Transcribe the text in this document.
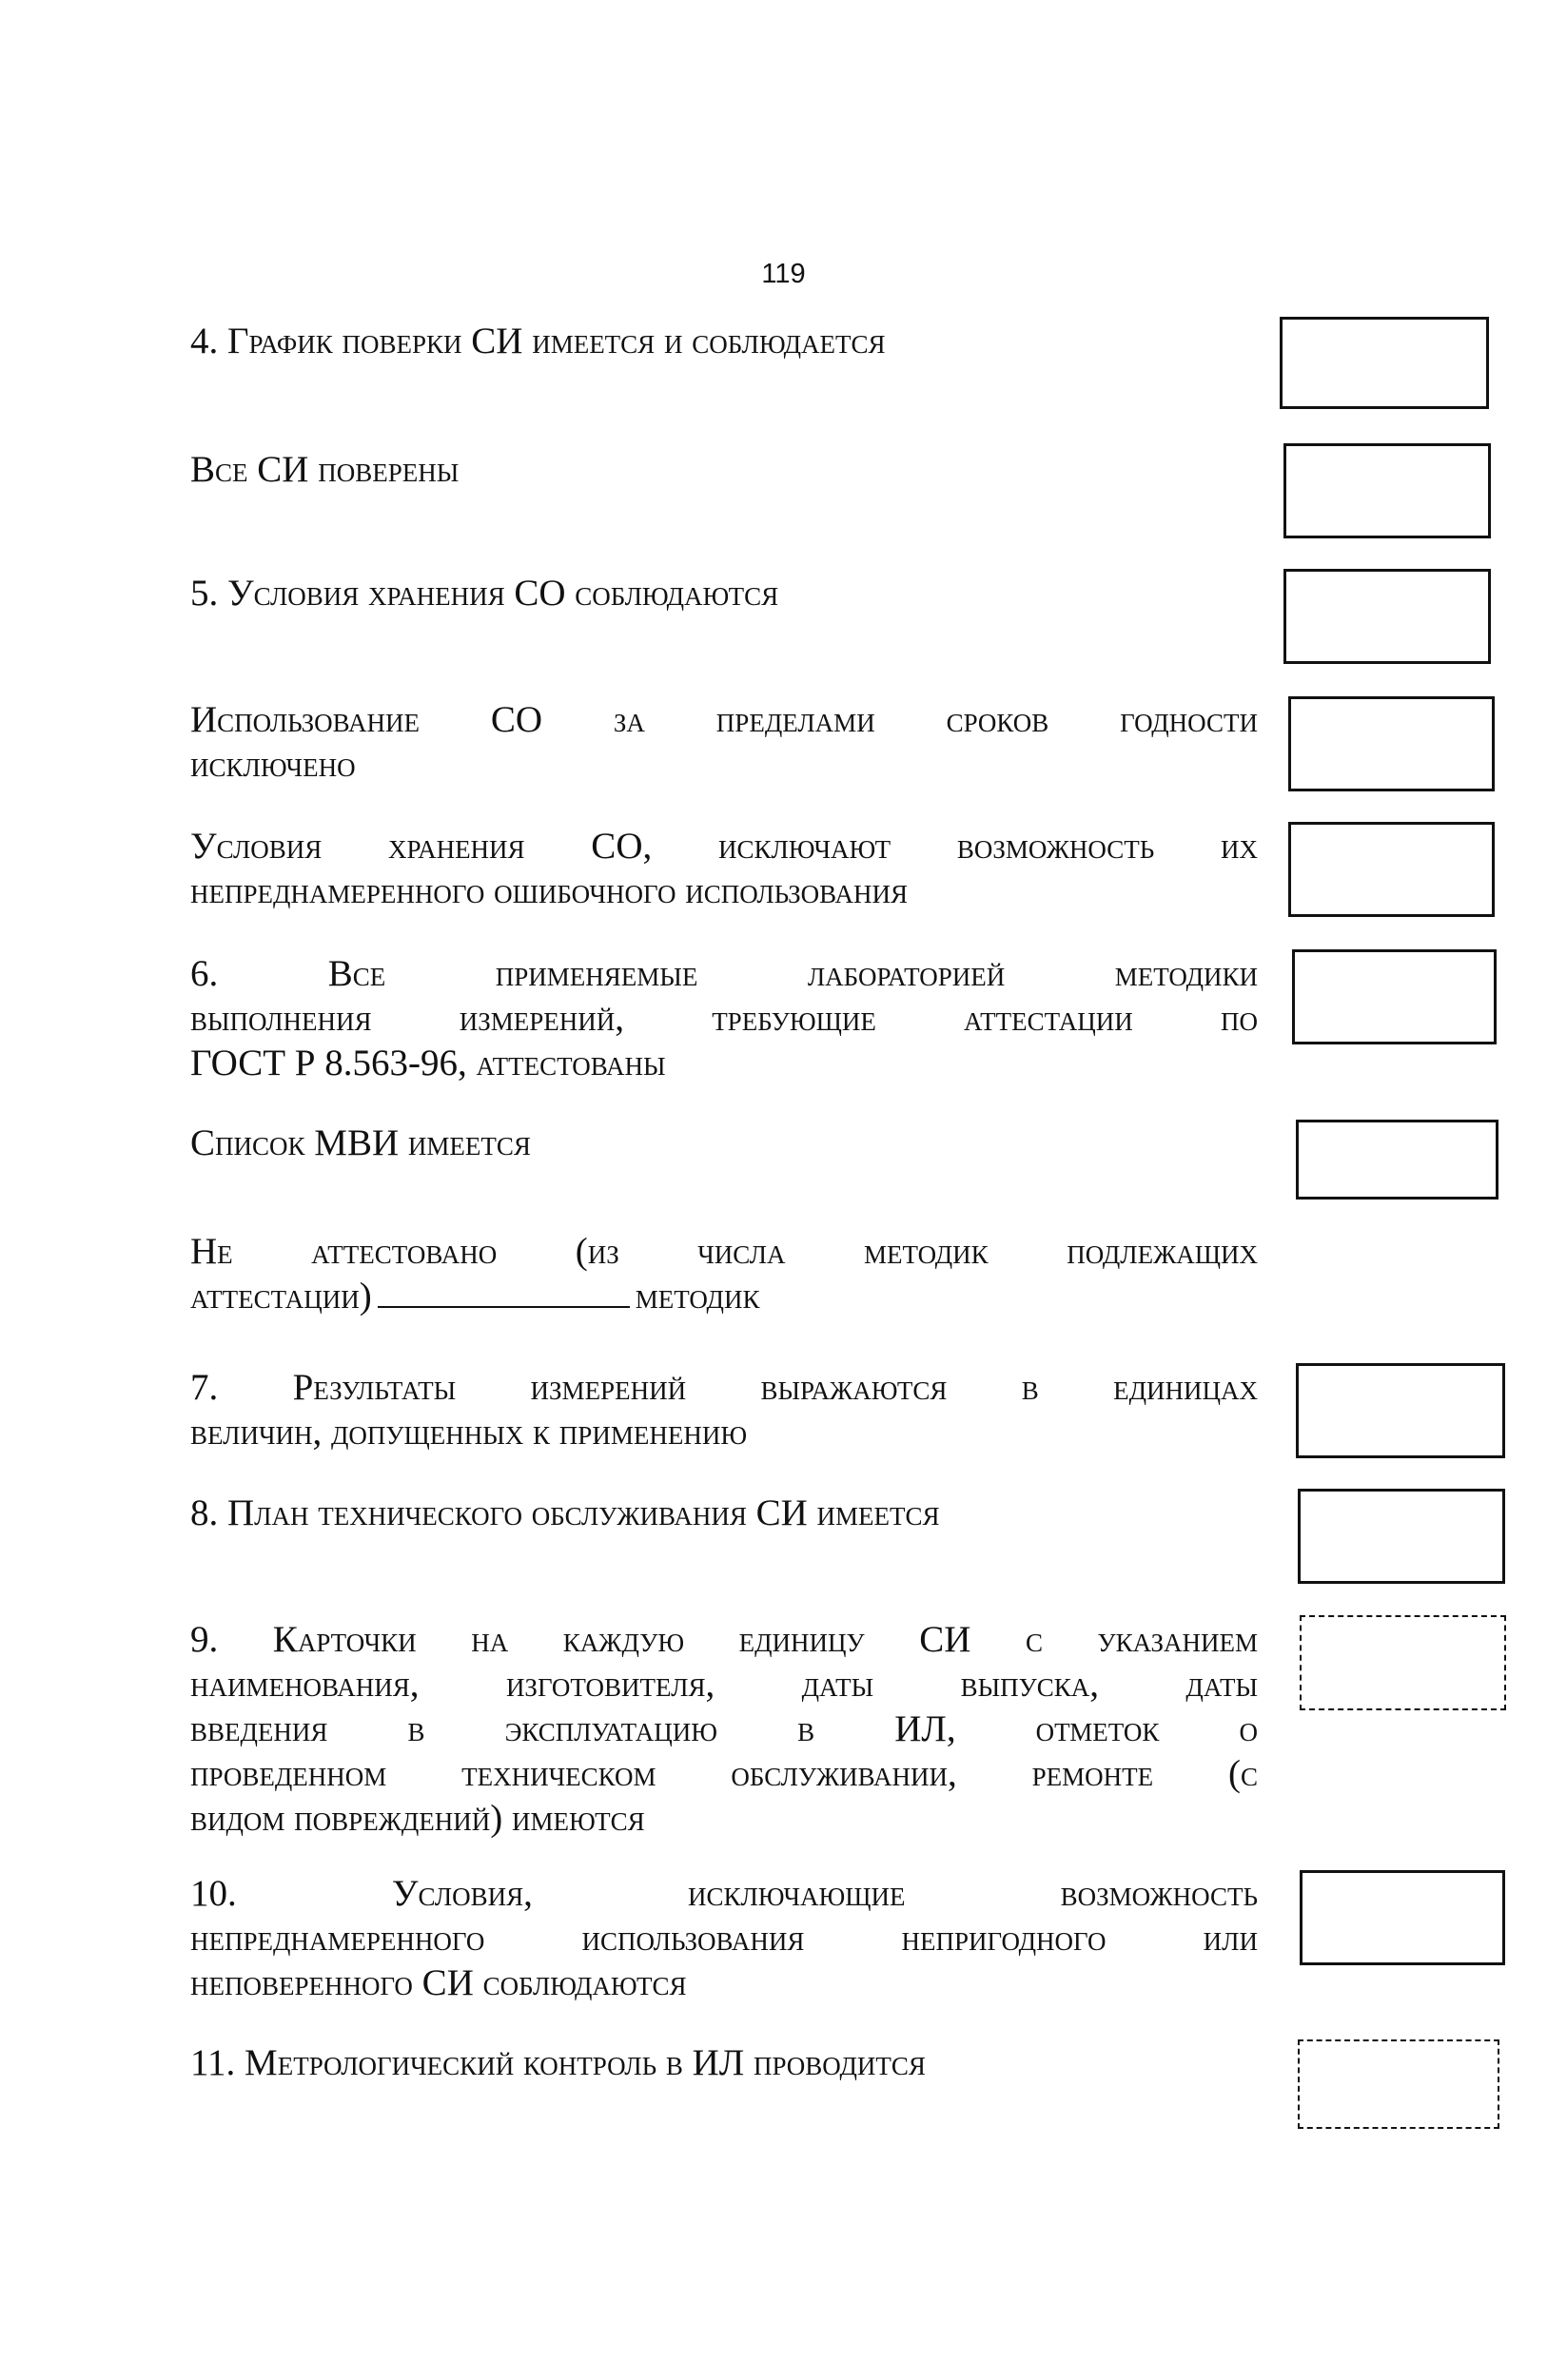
119
4. График поверки СИ имеется и соблюдается
Все СИ поверены
5. Условия хранения СО соблюдаются
Использование СО за пределами сроков годности
исключено
Условия хранения СО, исключают возможность их
непреднамеренного ошибочного использования
6. Все применяемые лабораторией методики
выполнения измерений, требующие аттестации по
ГОСТ Р 8.563-96, аттестованы
Список МВИ имеется
Не аттестовано (из числа методик подлежащих
аттестации)	методик
7. Результаты измерений выражаются в единицах
величин, допущенных к применению
8. План технического обслуживания СИ имеется
9. Карточки на каждую единицу СИ с указанием
наименования, изготовителя, даты выпуска, даты
введения в эксплуатацию в ИЛ, отметок о
проведенном техническом обслуживании, ремонте (с
видом повреждений) имеются
10. Условия, исключающие возможность
непреднамеренного использования непригодного или
неповеренного СИ соблюдаются
11. Метрологический контроль в ИЛ проводится
